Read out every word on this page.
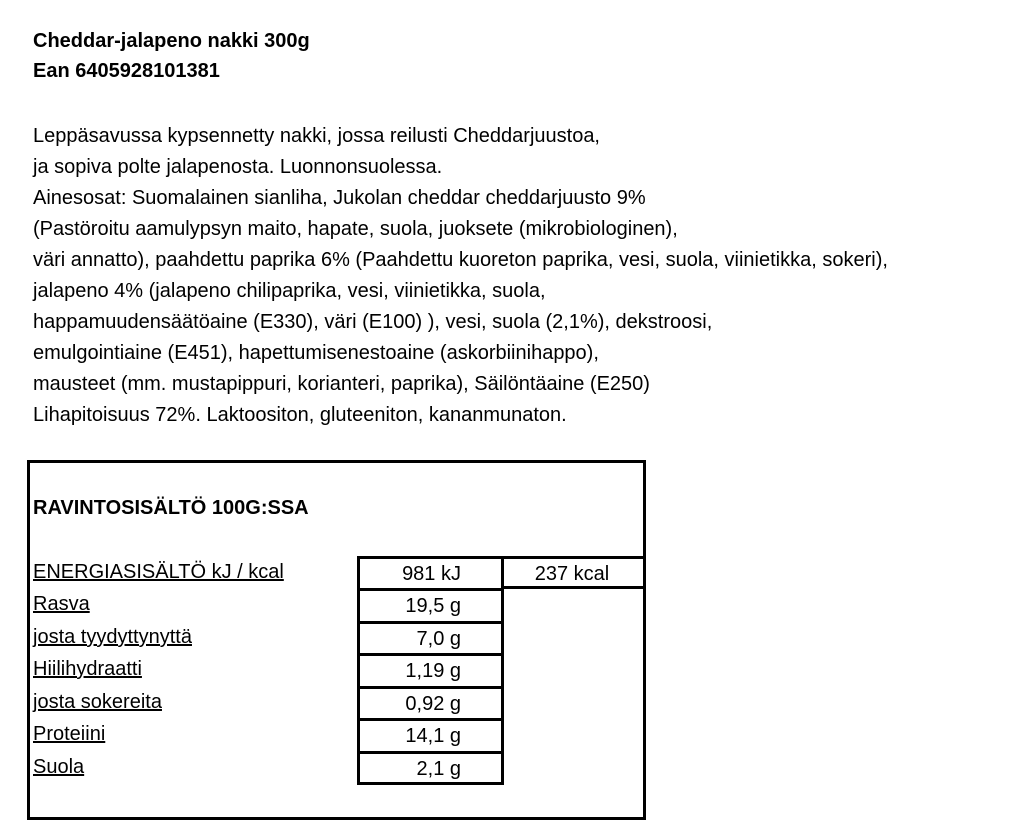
Cheddar-jalapeno nakki 300g
Ean 6405928101381
Leppäsavussa kypsennetty nakki, jossa reilusti Cheddarjuustoa,
ja sopiva polte jalapenosta. Luonnonsuolessa.
Ainesosat: Suomalainen sianliha, Jukolan cheddar cheddarjuusto 9%
(Pastöroitu aamulypsyn maito, hapate, suola, juoksete (mikrobiologinen),
väri annatto), paahdettu paprika 6% (Paahdettu kuoreton paprika, vesi, suola, viinietikka, sokeri),
jalapeno 4% (jalapeno chilipaprika, vesi, viinietikka, suola,
happamuudensäätöaine (E330), väri (E100) ), vesi, suola (2,1%), dekstroosi,
emulgointiaine (E451), hapettumisenestoaine (askorbiinihappo),
mausteet (mm. mustapippuri, korianteri, paprika), Säilöntäaine (E250)
Lihapitoisuus 72%. Laktoositon, gluteeniton, kananmunaton.
RAVINTOSISÄLTÖ 100G:SSA
ENERGIASISÄLTÖ kJ / kcal	981 kJ	237 kcal
Rasva	19,5 g
josta tyydyttynyttä	7,0 g
Hiilihydraatti	1,19 g
josta sokereita	0,92 g
Proteiini	14,1 g
Suola	2,1 g
